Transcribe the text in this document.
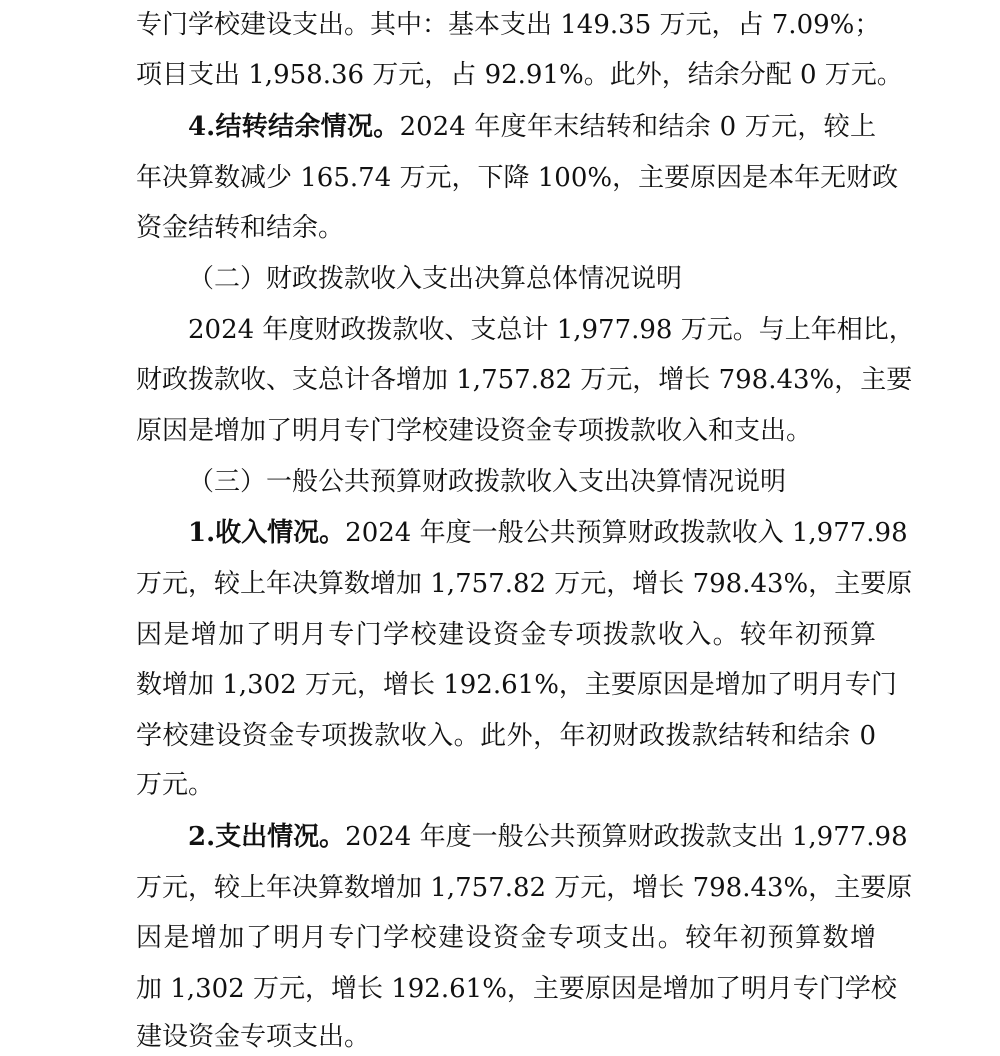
专门学校建设支出。其中：基本支出 149.35 万元，占 7.09%；
项目支出 1,958.36 万元，占 92.91%。此外，结余分配 0 万元。
4.结转结余情况。2024 年度年末结转和结余 0 万元，较上
年决算数减少 165.74 万元，下降 100%，主要原因是本年无财政
资金结转和结余。
（二）财政拨款收入支出决算总体情况说明
2024 年度财政拨款收、支总计 1,977.98 万元。与上年相比，
财政拨款收、支总计各增加 1,757.82 万元，增长 798.43%，主要
原因是增加了明月专门学校建设资金专项拨款收入和支出。
（三）一般公共预算财政拨款收入支出决算情况说明
1.收入情况。2024 年度一般公共预算财政拨款收入 1,977.98
万元，较上年决算数增加 1,757.82 万元，增长 798.43%，主要原
因是增加了明月专门学校建设资金专项拨款收入。较年初预算
数增加 1,302 万元，增长 192.61%，主要原因是增加了明月专门
学校建设资金专项拨款收入。此外，年初财政拨款结转和结余 0
万元。
2.支出情况。2024 年度一般公共预算财政拨款支出 1,977.98
万元，较上年决算数增加 1,757.82 万元，增长 798.43%，主要原
因是增加了明月专门学校建设资金专项支出。较年初预算数增
加 1,302 万元，增长 192.61%，主要原因是增加了明月专门学校
建设资金专项支出。
